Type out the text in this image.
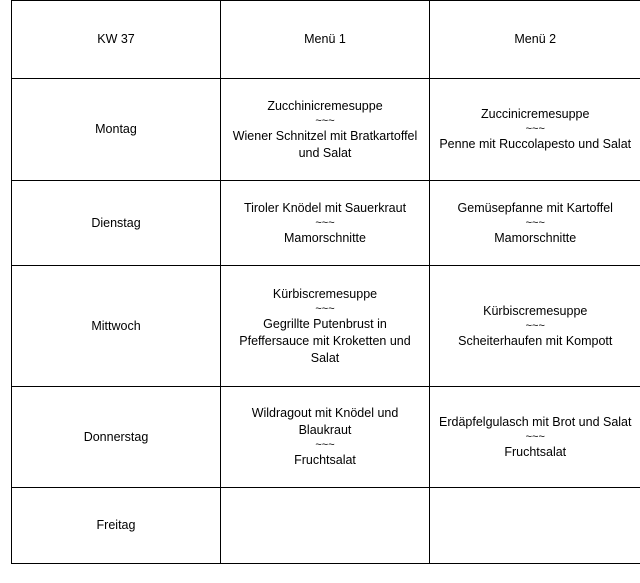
KW 37	Menü 1	Menü 2
Montag	Zucchinicremesuppe
~~~
Wiener Schnitzel mit Bratkartoffel
und Salat	Zuccinicremesuppe
~~~
Penne mit Ruccolapesto und Salat

Dienstag	Tiroler Knödel mit Sauerkraut
~~~
Mamorschnitte	Gemüsepfanne mit Kartoffel
~~~
Mamorschnitte

Mittwoch	Kürbiscremesuppe
~~~
Gegrillte Putenbrust in
Pfeffersauce mit Kroketten und
Salat	Kürbiscremesuppe
~~~
Scheiterhaufen mit Kompott

Donnerstag	Wildragout mit Knödel und
Blaukraut
~~~
Fruchtsalat	Erdäpfelgulasch mit Brot und Salat
~~~
Fruchtsalat

Freitag		
